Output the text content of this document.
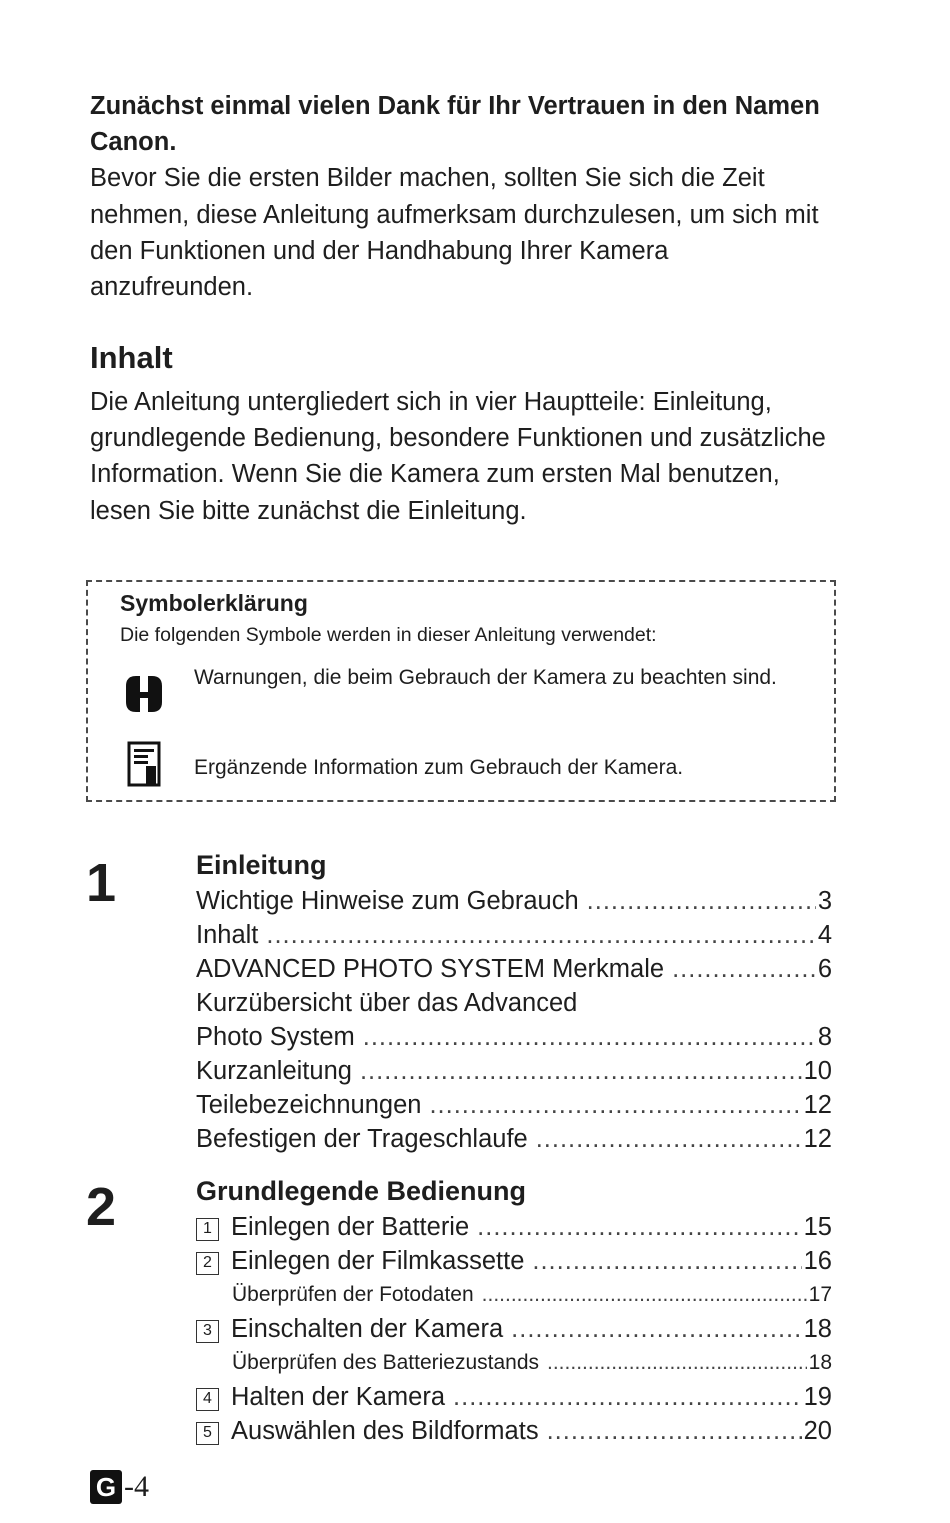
Zunächst einmal vielen Dank für Ihr Vertrauen in den Namen Canon.
Bevor Sie die ersten Bilder machen, sollten Sie sich die Zeit nehmen, diese Anleitung aufmerksam durchzulesen, um sich mit den Funktionen und der Handhabung Ihrer Kamera anzufreunden.
Inhalt
Die Anleitung untergliedert sich in vier Hauptteile: Einleitung, grundlegende Bedienung, besondere Funktionen und zusätzliche Information. Wenn Sie die Kamera zum ersten Mal benutzen, lesen Sie bitte zunächst die Einleitung.
Symbolerklärung
Die folgenden Symbole werden in dieser Anleitung verwendet:
Warnungen, die beim Gebrauch der Kamera zu beachten sind.
Ergänzende Information zum Gebrauch der Kamera.
1	Einleitung
Wichtige Hinweise zum Gebrauch .....	3
Inhalt .....	4
ADVANCED PHOTO SYSTEM Merkmale .....	6
Kurzübersicht über das Advanced
Photo System .....	8
Kurzanleitung .....	10
Teilebezeichnungen .....	12
Befestigen der Trageschlaufe .....	12
2	Grundlegende Bedienung
1 Einlegen der Batterie .....	15
2 Einlegen der Filmkassette .....	16
Überprüfen der Fotodaten .....	17
3 Einschalten der Kamera .....	18
Überprüfen des Batteriezustands .....	18
4 Halten der Kamera .....	19
5 Auswählen des Bildformats .....	20
G -4
